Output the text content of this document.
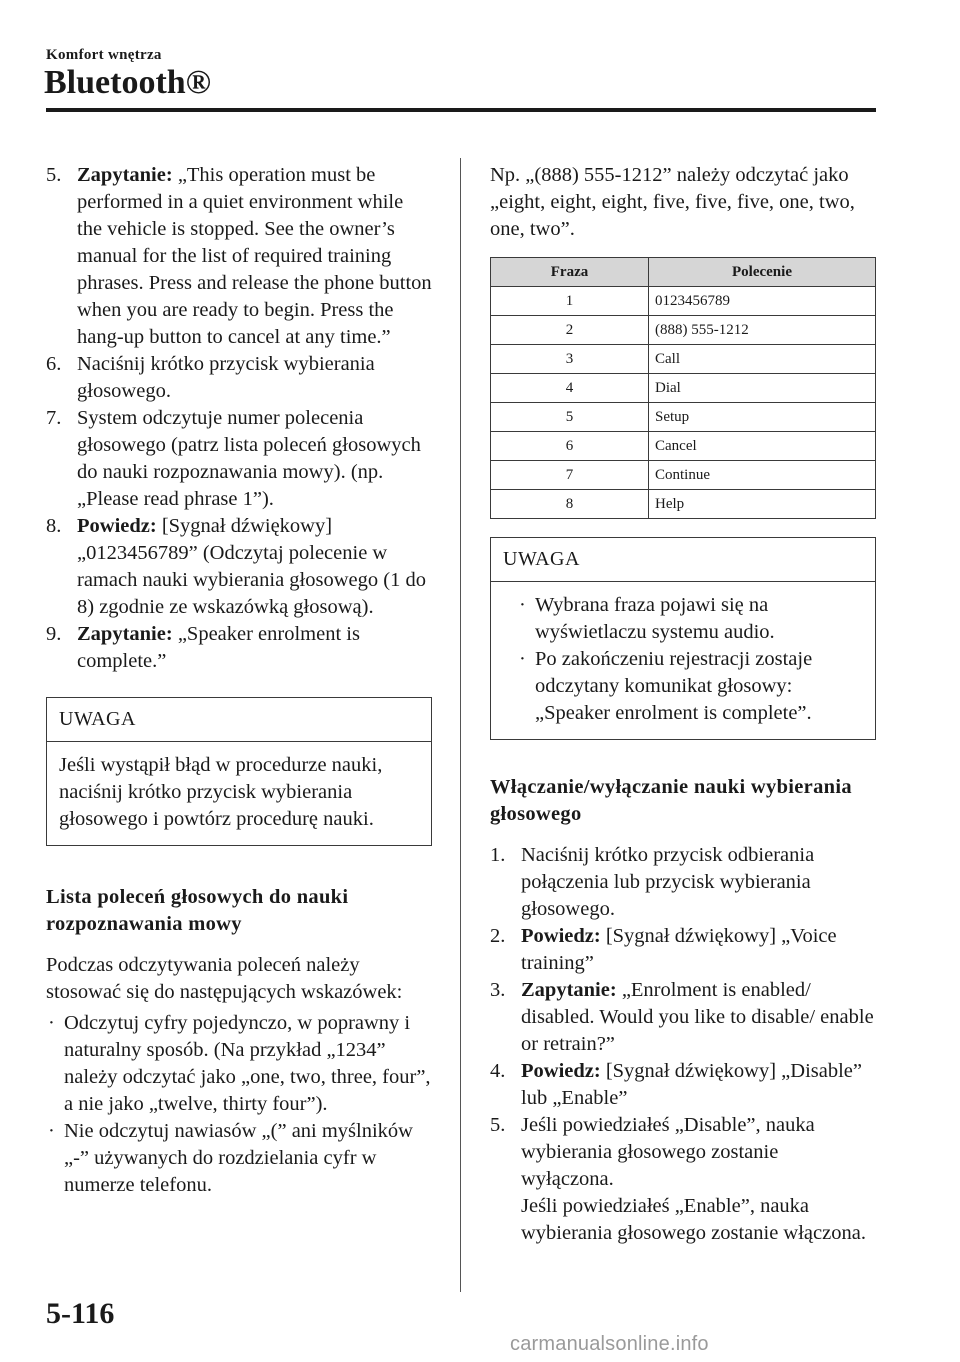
Komfort wnętrza
Bluetooth®
5. Zapytanie: „This operation must be performed in a quiet environment while the vehicle is stopped. See the owner’s manual for the list of required training phrases. Press and release the phone button when you are ready to begin. Press the hang-up button to cancel at any time.”
6. Naciśnij krótko przycisk wybierania głosowego.
7. System odczytuje numer polecenia głosowego (patrz lista poleceń głosowych do nauki rozpoznawania mowy). (np. „Please read phrase 1”).
8. Powiedz: [Sygnał dźwiękowy] „0123456789” (Odczytaj polecenie w ramach nauki wybierania głosowego (1 do 8) zgodnie ze wskazówką głosową).
9. Zapytanie: „Speaker enrolment is complete.”
UWAGA
Jeśli wystąpił błąd w procedurze nauki, naciśnij krótko przycisk wybierania głosowego i powtórz procedurę nauki.
Lista poleceń głosowych do nauki rozpoznawania mowy

Podczas odczytywania poleceń należy stosować się do następujących wskazówek:

· Odczytuj cyfry pojedynczo, w poprawny i naturalny sposób. (Na przykład „1234” należy odczytać jako „one, two, three, four”, a nie jako „twelve, thirty four”).
· Nie odczytuj nawiasów „(” ani myślników „-” używanych do rozdzielania cyfr w numerze telefonu.

Np. „(888) 555-1212” należy odczytać jako „eight, eight, eight, five, five, five, one, two, one, two”.

Fraza	Polecenie
1	0123456789
2	(888) 555-1212
3	Call
4	Dial
5	Setup
6	Cancel
7	Continue
8	Help
UWAGA
· Wybrana fraza pojawi się na wyświetlaczu systemu audio.
· Po zakończeniu rejestracji zostaje odczytany komunikat głosowy: „Speaker enrolment is complete”.
Włączanie/wyłączanie nauki wybierania głosowego
1. Naciśnij krótko przycisk odbierania połączenia lub przycisk wybierania głosowego.
2. Powiedz: [Sygnał dźwiękowy] „Voice training”
3. Zapytanie: „Enrolment is enabled/ disabled. Would you like to disable/ enable or retrain?”
4. Powiedz: [Sygnał dźwiękowy] „Disable” lub „Enable”
5. Jeśli powiedziałeś „Disable”, nauka wybierania głosowego zostanie wyłączona.
Jeśli powiedziałeś „Enable”, nauka wybierania głosowego zostanie włączona.
5-116
carmanualsonline.info
